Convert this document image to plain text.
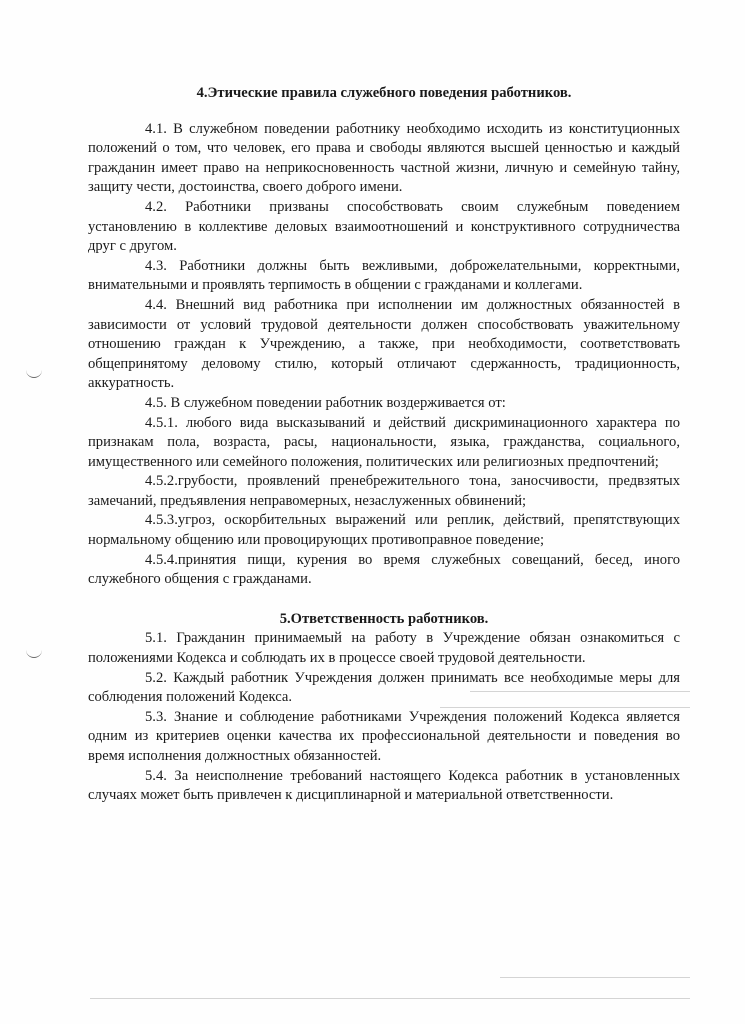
4.Этические правила служебного поведения работников.

4.1. В служебном поведении работнику необходимо исходить из конституционных положений о том, что человек, его права и свободы являются высшей ценностью и каждый гражданин имеет право на неприкосновенность частной жизни, личную и семейную тайну, защиту чести, достоинства, своего доброго имени.

4.2. Работники призваны способствовать своим служебным поведением установлению в коллективе деловых взаимоотношений и конструктивного сотрудничества друг с другом.

4.3. Работники должны быть вежливыми, доброжелательными, корректными, внимательными и проявлять терпимость в общении с гражданами и коллегами.

4.4. Внешний вид работника при исполнении им должностных обязанностей в зависимости от условий трудовой деятельности должен способствовать уважительному отношению граждан к Учреждению, а также, при необходимости, соответствовать общепринятому деловому стилю, который отличают сдержанность, традиционность, аккуратность.

4.5. В служебном поведении работник воздерживается от:

4.5.1. любого вида высказываний и действий дискриминационного характера по признакам пола, возраста, расы, национальности, языка, гражданства, социального, имущественного или семейного положения, политических или религиозных предпочтений;

4.5.2.грубости, проявлений пренебрежительного тона, заносчивости, предвзятых замечаний, предъявления неправомерных, незаслуженных обвинений;

4.5.3.угроз, оскорбительных выражений или реплик, действий, препятствующих нормальному общению или провоцирующих противоправное поведение;

4.5.4.принятия пищи, курения во время служебных совещаний, бесед, иного служебного общения с гражданами.

5.Ответственность работников.

5.1. Гражданин принимаемый на работу в Учреждение обязан ознакомиться с положениями Кодекса и соблюдать их в процессе своей трудовой деятельности.

5.2. Каждый работник Учреждения должен принимать все необходимые меры для соблюдения положений Кодекса.

5.3. Знание и соблюдение работниками Учреждения положений Кодекса является одним из критериев оценки качества их профессиональной деятельности и поведения во время исполнения должностных обязанностей.

5.4. За неисполнение требований настоящего Кодекса работник в установленных случаях может быть привлечен к дисциплинарной и материальной ответственности.
